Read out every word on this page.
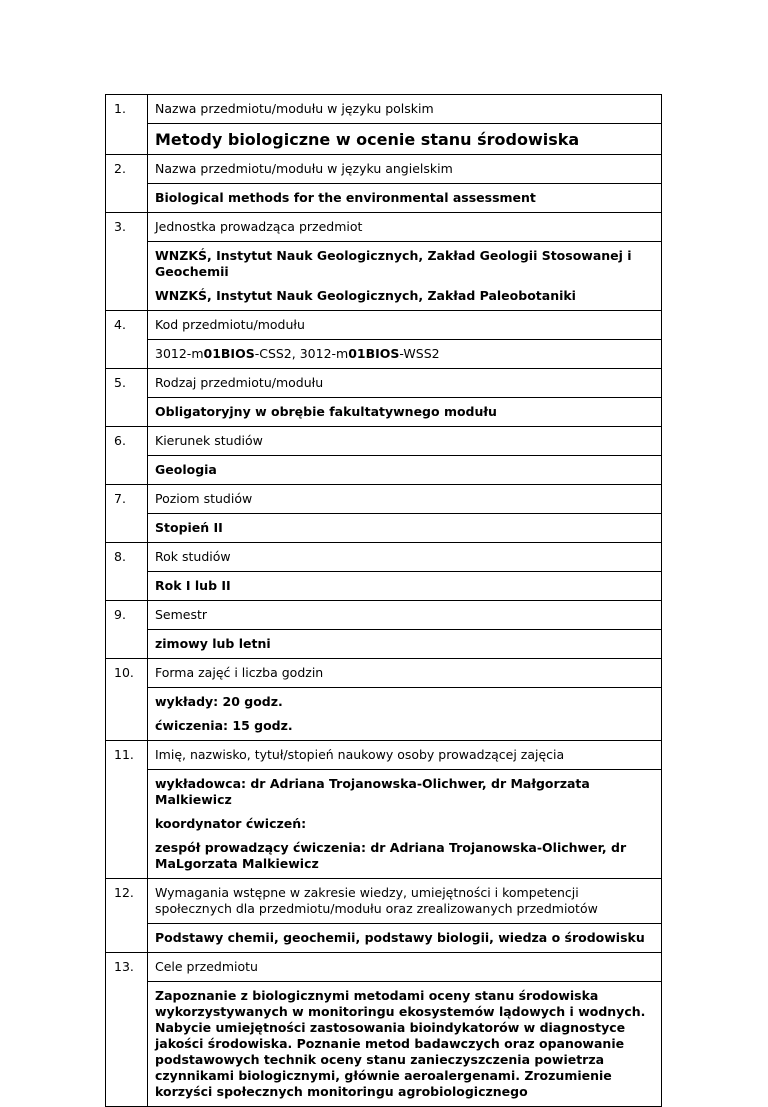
1.	Nazwa przedmiotu/modułu w języku polskim
Metody biologiczne w ocenie stanu środowiska
2.	Nazwa przedmiotu/modułu w języku angielskim
Biological methods for the environmental assessment
3.	Jednostka prowadząca przedmiot
WNZKŚ, Instytut Nauk Geologicznych, Zakład Geologii Stosowanej i Geochemii
WNZKŚ, Instytut Nauk Geologicznych, Zakład Paleobotaniki
4.	Kod przedmiotu/modułu
3012-m01BIOS-CSS2, 3012-m01BIOS-WSS2
5.	Rodzaj przedmiotu/modułu
Obligatoryjny w obrębie fakultatywnego modułu
6.	Kierunek studiów
Geologia
7.	Poziom studiów
Stopień II
8.	Rok studiów
Rok I lub II
9.	Semestr
zimowy lub letni
10.	Forma zajęć i liczba godzin
wykłady: 20 godz.
ćwiczenia: 15 godz.
11.	Imię, nazwisko, tytuł/stopień naukowy osoby prowadzącej zajęcia
wykładowca: dr Adriana Trojanowska-Olichwer, dr Małgorzata Malkiewicz
koordynator ćwiczeń:
zespół prowadzący ćwiczenia: dr Adriana Trojanowska-Olichwer, dr MaLgorzata Malkiewicz
12.	Wymagania wstępne w zakresie wiedzy, umiejętności i kompetencji społecznych dla przedmiotu/modułu oraz zrealizowanych przedmiotów
Podstawy chemii, geochemii, podstawy biologii, wiedza o środowisku
13.	Cele przedmiotu
Zapoznanie z biologicznymi metodami oceny stanu środowiska wykorzystywanych w monitoringu ekosystemów lądowych i wodnych. Nabycie umiejętności zastosowania bioindykatorów w diagnostyce jakości środowiska. Poznanie metod badawczych oraz opanowanie podstawowych technik oceny stanu zanieczyszczenia powietrza czynnikami biologicznymi, głównie aeroalergenami. Zrozumienie korzyści społecznych monitoringu agrobiologicznego
